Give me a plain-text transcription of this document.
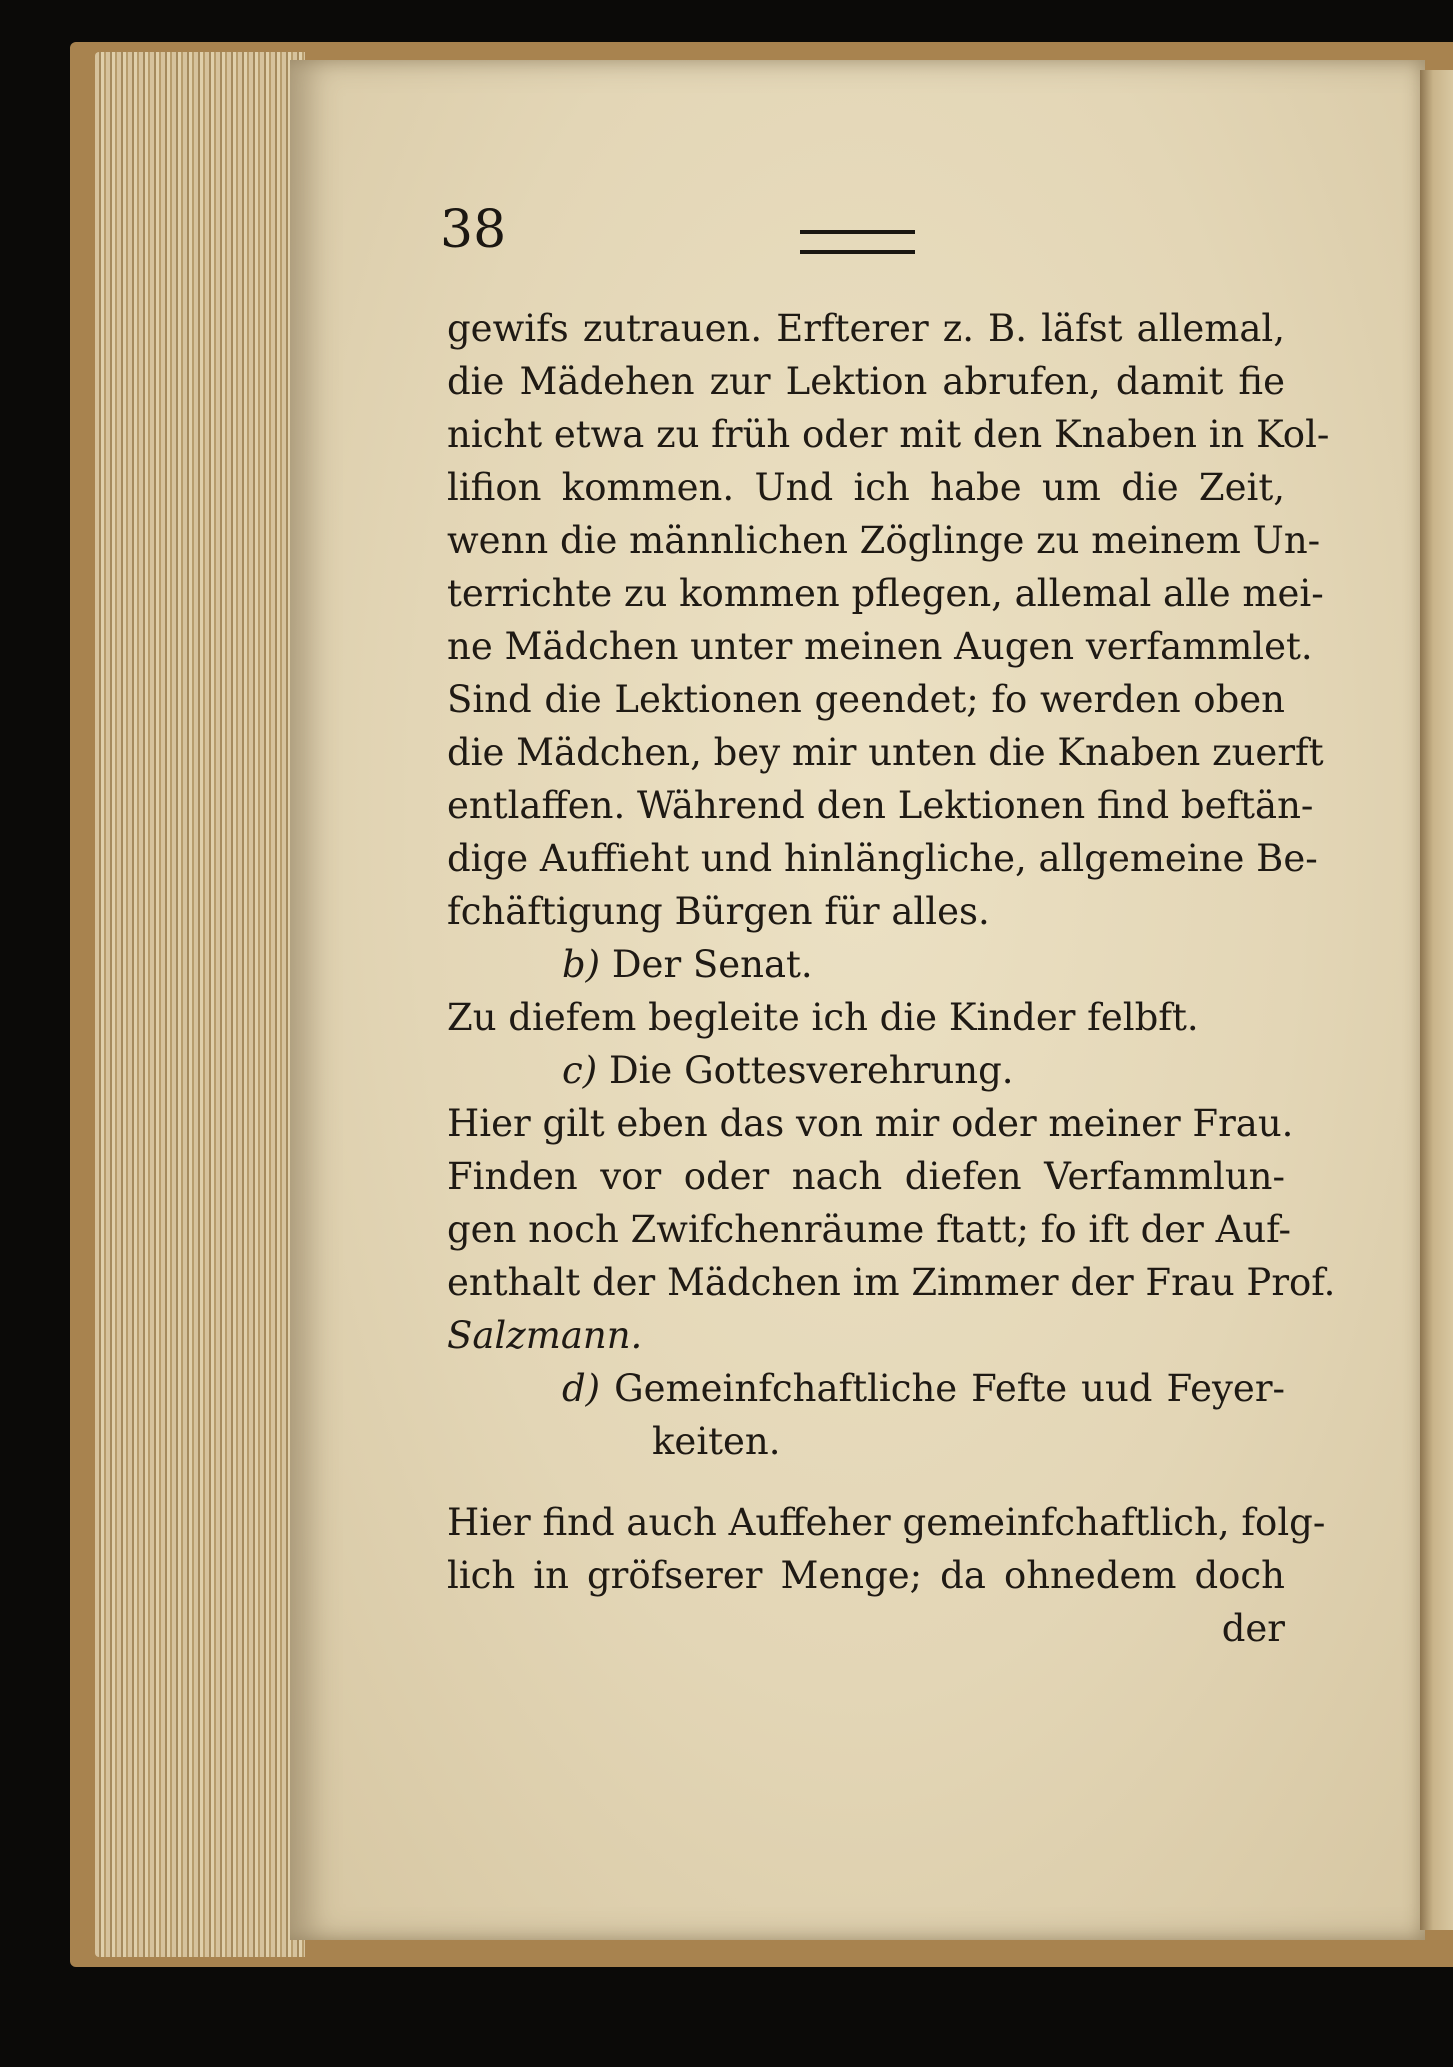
38
gewifs zutrauen. Erfterer z. B. läfst allemal,
die Mädehen zur Lektion abrufen, damit fie
nicht etwa zu früh oder mit den Knaben in Kol-
lifion kommen. Und ich habe um die Zeit,
wenn die männlichen Zöglinge zu meinem Un-
terrichte zu kommen pflegen, allemal alle mei-
ne Mädchen unter meinen Augen verfammlet.
Sind die Lektionen geendet; fo werden oben
die Mädchen, bey mir unten die Knaben zuerft
entlaffen. Während den Lektionen find beftän-
dige Auffieht und hinlängliche, allgemeine Be-
fchäftigung Bürgen für alles.
b) Der Senat.
Zu diefem begleite ich die Kinder felbft.
c) Die Gottesverehrung.
Hier gilt eben das von mir oder meiner Frau.
Finden vor oder nach diefen Verfammlun-
gen noch Zwifchenräume ftatt; fo ift der Auf-
enthalt der Mädchen im Zimmer der Frau Prof.
Salzmann.
d) Gemeinfchaftliche Fefte uud Feyer-
keiten.
Hier find auch Auffeher gemeinfchaftlich, folg-
lich in gröfserer Menge; da ohnedem doch
der
